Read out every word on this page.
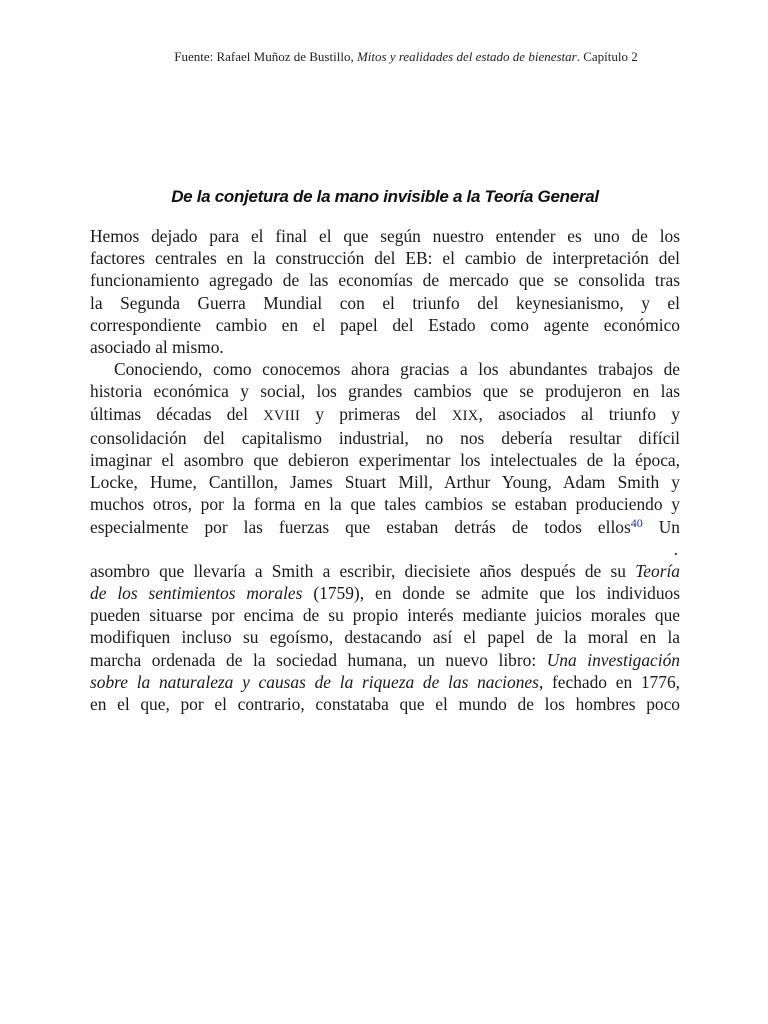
Fuente: Rafael Muñoz de Bustillo, Mitos y realidades del estado de bienestar. Capítulo 2
De la conjetura de la mano invisible a la Teoría General
Hemos dejado para el final el que según nuestro entender es uno de los
factores centrales en la construcción del EB: el cambio de interpretación del
funcionamiento agregado de las economías de mercado que se consolida tras
la Segunda Guerra Mundial con el triunfo del keynesianismo, y el
correspondiente cambio en el papel del Estado como agente económico
asociado al mismo.
Conociendo, como conocemos ahora gracias a los abundantes trabajos de
historia económica y social, los grandes cambios que se produjeron en las
últimas décadas del XVIII y primeras del XIX, asociados al triunfo y
consolidación del capitalismo industrial, no nos debería resultar difícil
imaginar el asombro que debieron experimentar los intelectuales de la época,
Locke, Hume, Cantillon, James Stuart Mill, Arthur Young, Adam Smith y
muchos otros, por la forma en la que tales cambios se estaban produciendo y
especialmente por las fuerzas que estaban detrás de todos ellos$^{40}$ Un
.
asombro que llevaría a Smith a escribir, diecisiete años después de su Teoría
de los sentimientos morales (1759), en donde se admite que los individuos
pueden situarse por encima de su propio interés mediante juicios morales que
modifiquen incluso su egoísmo, destacando así el papel de la moral en la
marcha ordenada de la sociedad humana, un nuevo libro: Una investigación
sobre la naturaleza y causas de la riqueza de las naciones, fechado en 1776,
en el que, por el contrario, constataba que el mundo de los hombres poco
